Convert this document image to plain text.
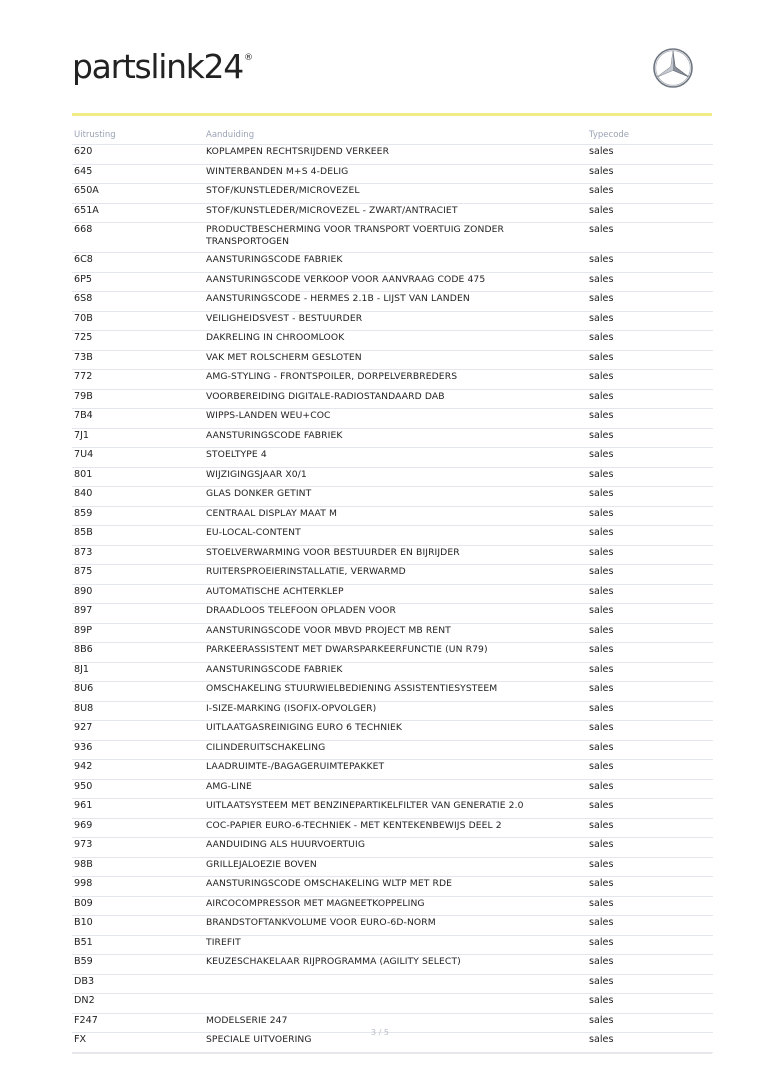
partslink24®
Uitrusting	Aanduiding	Typecode
620	KOPLAMPEN RECHTSRIJDEND VERKEER	sales
645	WINTERBANDEN M+S 4-DELIG	sales
650A	STOF/KUNSTLEDER/MICROVEZEL	sales
651A	STOF/KUNSTLEDER/MICROVEZEL - ZWART/ANTRACIET	sales
668	PRODUCTBESCHERMING VOOR TRANSPORT VOERTUIG ZONDER TRANSPORTOGEN	sales
6C8	AANSTURINGSCODE FABRIEK	sales
6P5	AANSTURINGSCODE VERKOOP VOOR AANVRAAG CODE 475	sales
6S8	AANSTURINGSCODE - HERMES 2.1B - LIJST VAN LANDEN	sales
70B	VEILIGHEIDSVEST - BESTUURDER	sales
725	DAKRELING IN CHROOMLOOK	sales
73B	VAK MET ROLSCHERM GESLOTEN	sales
772	AMG-STYLING - FRONTSPOILER, DORPELVERBREDERS	sales
79B	VOORBEREIDING DIGITALE-RADIOSTANDAARD DAB	sales
7B4	WIPPS-LANDEN WEU+COC	sales
7J1	AANSTURINGSCODE FABRIEK	sales
7U4	STOELTYPE 4	sales
801	WIJZIGINGSJAAR X0/1	sales
840	GLAS DONKER GETINT	sales
859	CENTRAAL DISPLAY MAAT M	sales
85B	EU-LOCAL-CONTENT	sales
873	STOELVERWARMING VOOR BESTUURDER EN BIJRIJDER	sales
875	RUITERSPROEIERINSTALLATIE, VERWARMD	sales
890	AUTOMATISCHE ACHTERKLEP	sales
897	DRAADLOOS TELEFOON OPLADEN VOOR	sales
89P	AANSTURINGSCODE VOOR MBVD PROJECT MB RENT	sales
8B6	PARKEERASSISTENT MET DWARSPARKEERFUNCTIE (UN R79)	sales
8J1	AANSTURINGSCODE FABRIEK	sales
8U6	OMSCHAKELING STUURWIELBEDIENING ASSISTENTIESYSTEEM	sales
8U8	I-SIZE-MARKING (ISOFIX-OPVOLGER)	sales
927	UITLAATGASREINIGING EURO 6 TECHNIEK	sales
936	CILINDERUITSCHAKELING	sales
942	LAADRUIMTE-/BAGAGERUIMTEPAKKET	sales
950	AMG-LINE	sales
961	UITLAATSYSTEEM MET BENZINEPARTIKELFILTER VAN GENERATIE 2.0	sales
969	COC-PAPIER EURO-6-TECHNIEK - MET KENTEKENBEWIJS DEEL 2	sales
973	AANDUIDING ALS HUURVOERTUIG	sales
98B	GRILLEJALOEZIE BOVEN	sales
998	AANSTURINGSCODE OMSCHAKELING WLTP MET RDE	sales
B09	AIRCOCOMPRESSOR MET MAGNEETKOPPELING	sales
B10	BRANDSTOFTANKVOLUME VOOR EURO-6D-NORM	sales
B51	TIREFIT	sales
B59	KEUZESCHAKELAAR RIJPROGRAMMA (AGILITY SELECT)	sales
DB3		sales
DN2		sales
F247	MODELSERIE 247	sales
FX	SPECIALE UITVOERING	sales
3 / 5
